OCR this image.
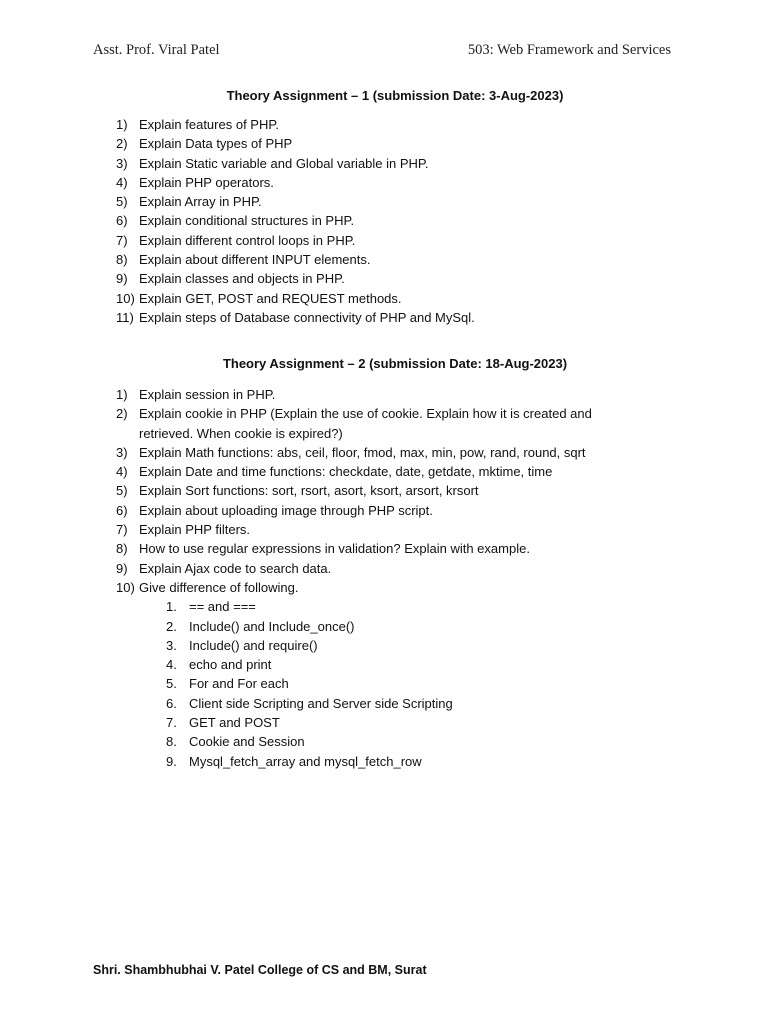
Asst. Prof. Viral Patel	503: Web Framework and Services
Theory Assignment – 1 (submission Date: 3-Aug-2023)
1) Explain features of PHP.
2) Explain Data types of PHP
3) Explain Static variable and Global variable in PHP.
4) Explain PHP operators.
5) Explain Array in PHP.
6) Explain conditional structures in PHP.
7) Explain different control loops in PHP.
8) Explain about different INPUT elements.
9) Explain classes and objects in PHP.
10) Explain GET, POST and REQUEST methods.
11) Explain steps of Database connectivity of PHP and MySql.
Theory Assignment – 2 (submission Date: 18-Aug-2023)
1) Explain session in PHP.
2) Explain cookie in PHP (Explain the use of cookie. Explain how it is created and retrieved. When cookie is expired?)
3) Explain Math functions: abs, ceil, floor, fmod, max, min, pow, rand, round, sqrt
4) Explain Date and time functions: checkdate, date, getdate, mktime, time
5) Explain Sort functions: sort, rsort, asort, ksort, arsort, krsort
6) Explain about uploading image through PHP script.
7) Explain PHP filters.
8) How to use regular expressions in validation? Explain with example.
9) Explain Ajax code to search data.
10) Give difference of following.
1. == and ===
2. Include() and Include_once()
3. Include() and require()
4. echo and print
5. For and For each
6. Client side Scripting and Server side Scripting
7. GET and POST
8. Cookie and Session
9. Mysql_fetch_array and mysql_fetch_row
Shri. Shambhubhai V. Patel College of CS and BM, Surat
